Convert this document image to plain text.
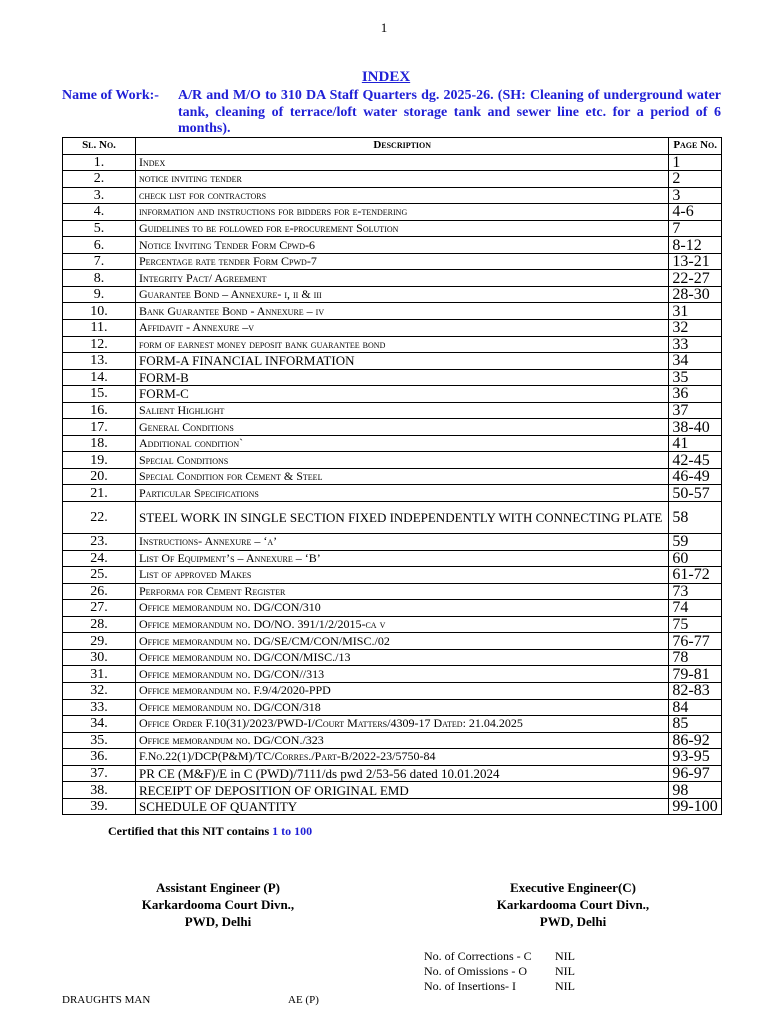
1
INDEX
Name of Work:- A/R and M/O to 310 DA Staff Quarters dg. 2025-26. (SH: Cleaning of underground water tank, cleaning of terrace/loft water storage tank and sewer line etc. for a period of 6 months).
Sl. No.	Description	Page No.
1.	Index	1
2.	notice inviting tender	2
3.	check list for contractors	3
4.	information and instructions for bidders for e-tendering	4-6
5.	Guidelines to be followed for e-procurement Solution	7
6.	Notice Inviting Tender Form Cpwd-6	8-12
7.	Percentage rate tender Form Cpwd-7	13-21
8.	Integrity Pact/ Agreement	22-27
9.	Guarantee Bond – Annexure- i, ii & iii	28-30
10.	Bank Guarantee Bond - Annexure – iv	31
11.	Affidavit - Annexure –v	32
12.	form of earnest money deposit bank guarantee bond	33
13.	FORM-A FINANCIAL INFORMATION	34
14.	FORM-B	35
15.	FORM-C	36
16.	Salient Highlight	37
17.	General Conditions	38-40
18.	Additional condition`	41
19.	Special Conditions	42-45
20.	Special Condition for Cement & Steel	46-49
21.	Particular Specifications	50-57
22.	STEEL WORK IN SINGLE SECTION FIXED INDEPENDENTLY WITH CONNECTING PLATE	58
23.	Instructions- Annexure – ‘a’	59
24.	List Of Equipment’s – Annexure – ‘B’	60
25.	List of approved Makes	61-72
26.	Performa for Cement Register	73
27.	Office memorandum no. DG/CON/310	74
28.	Office memorandum no. DO/NO. 391/1/2/2015-ca v	75
29.	Office memorandum no. DG/SE/CM/CON/MISC./02	76-77
30.	Office memorandum no. DG/CON/MISC./13	78
31.	Office memorandum no. DG/CON//313	79-81
32.	Office memorandum no. F.9/4/2020-PPD	82-83
33.	Office memorandum no. DG/CON/318	84
34.	Office Order F.10(31)/2023/PWD-I/Court Matters/4309-17 Dated: 21.04.2025	85
35.	Office memorandum no. DG/CON./323	86-92
36.	F.No.22(1)/DCP(P&M)/TC/Corres./Part-B/2022-23/5750-84	93-95
37.	PR CE (M&F)/E in C (PWD)/7111/ds pwd 2/53-56 dated 10.01.2024	96-97
38.	RECEIPT OF DEPOSITION OF ORIGINAL EMD	98
39.	SCHEDULE OF QUANTITY	99-100
Certified that this NIT contains 1 to 100
Assistant Engineer (P)
Karkardooma Court Divn.,
PWD, Delhi
Executive Engineer(C)
Karkardooma Court Divn.,
PWD, Delhi
No. of Corrections - C	NIL
No. of Omissions - O	NIL
No. of Insertions- I	NIL
DRAUGHTS MAN	AE (P)
